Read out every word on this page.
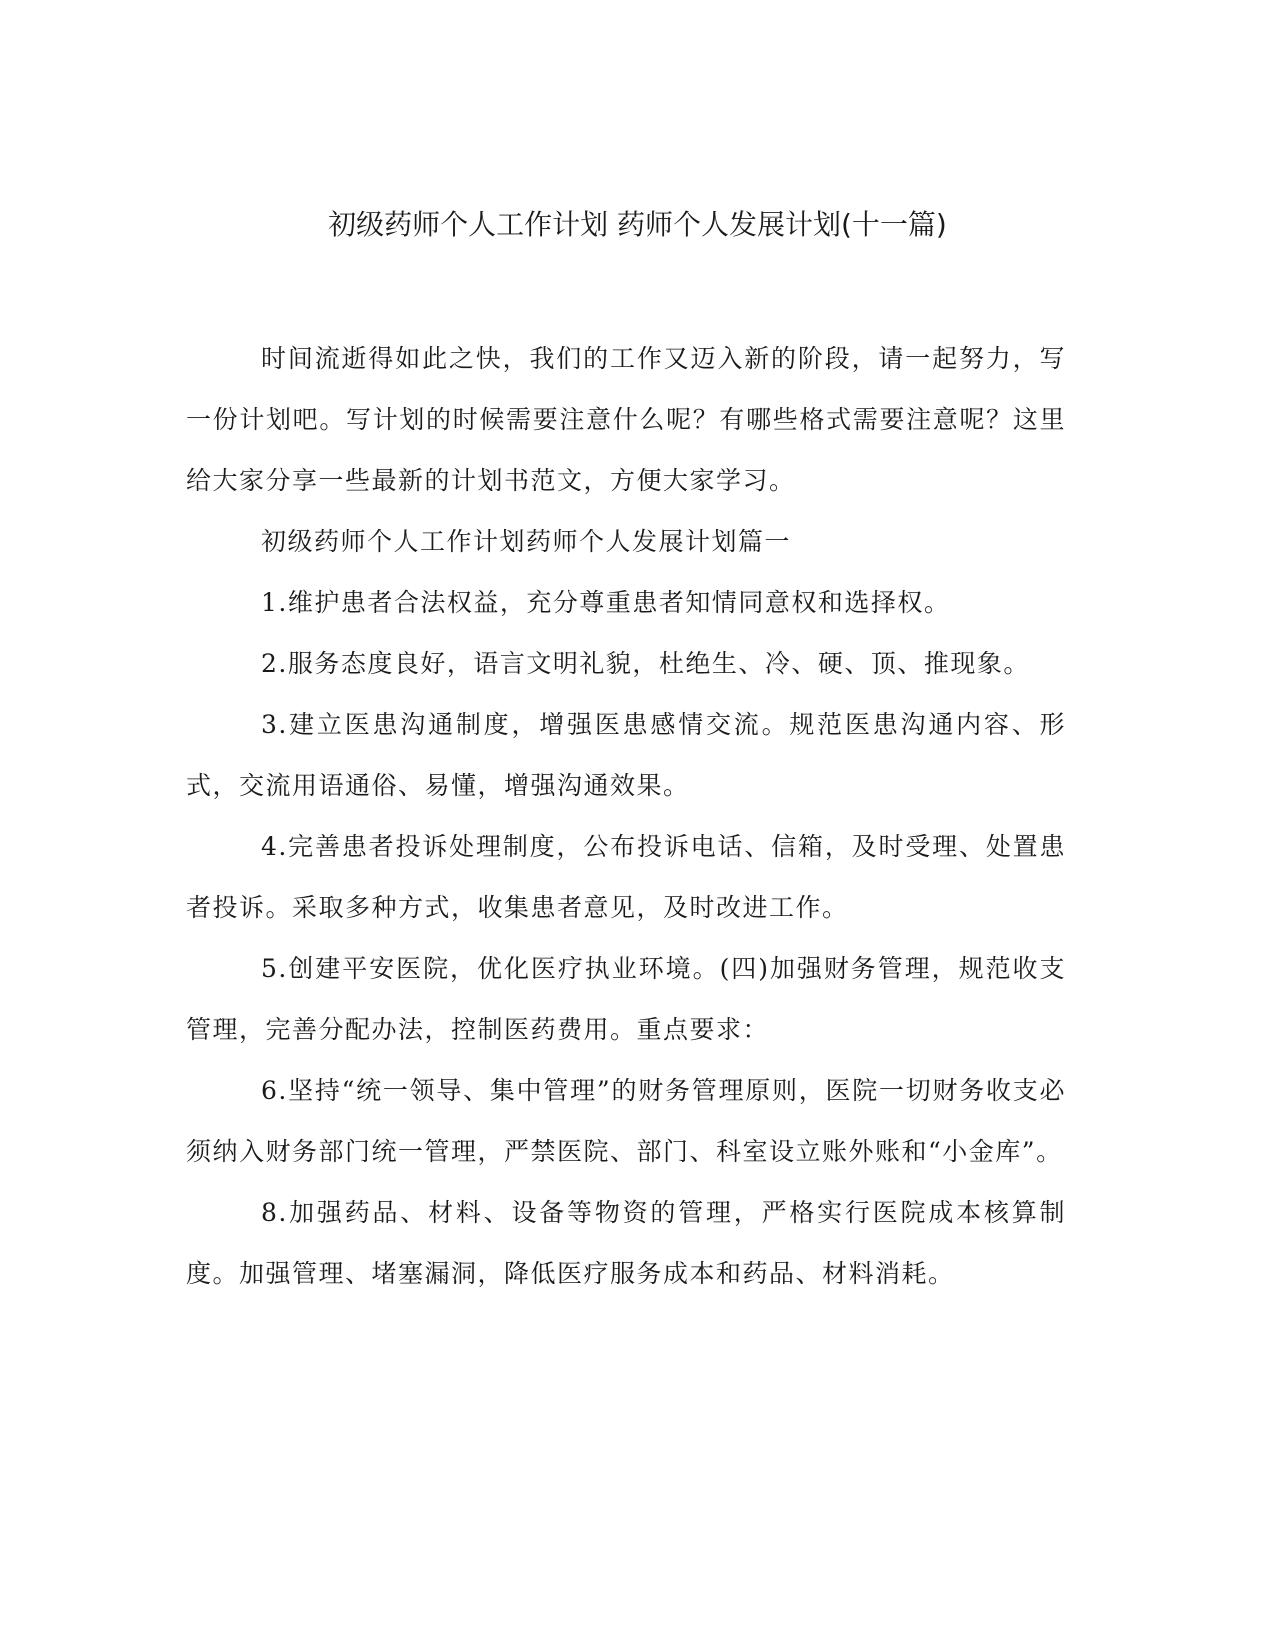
初级药师个人工作计划 药师个人发展计划(十一篇)

时间流逝得如此之快，我们的工作又迈入新的阶段，请一起努力，写一份计划吧。写计划的时候需要注意什么呢？有哪些格式需要注意呢？这里给大家分享一些最新的计划书范文，方便大家学习。

初级药师个人工作计划药师个人发展计划篇一

1.维护患者合法权益，充分尊重患者知情同意权和选择权。

2.服务态度良好，语言文明礼貌，杜绝生、冷、硬、顶、推现象。

3.建立医患沟通制度，增强医患感情交流。规范医患沟通内容、形式，交流用语通俗、易懂，增强沟通效果。

4.完善患者投诉处理制度，公布投诉电话、信箱，及时受理、处置患者投诉。采取多种方式，收集患者意见，及时改进工作。

5.创建平安医院，优化医疗执业环境。(四)加强财务管理，规范收支管理，完善分配办法，控制医药费用。重点要求：

6.坚持“统一领导、集中管理”的财务管理原则，医院一切财务收支必须纳入财务部门统一管理，严禁医院、部门、科室设立账外账和“小金库”。

8.加强药品、材料、设备等物资的管理，严格实行医院成本核算制度。加强管理、堵塞漏洞，降低医疗服务成本和药品、材料消耗。
